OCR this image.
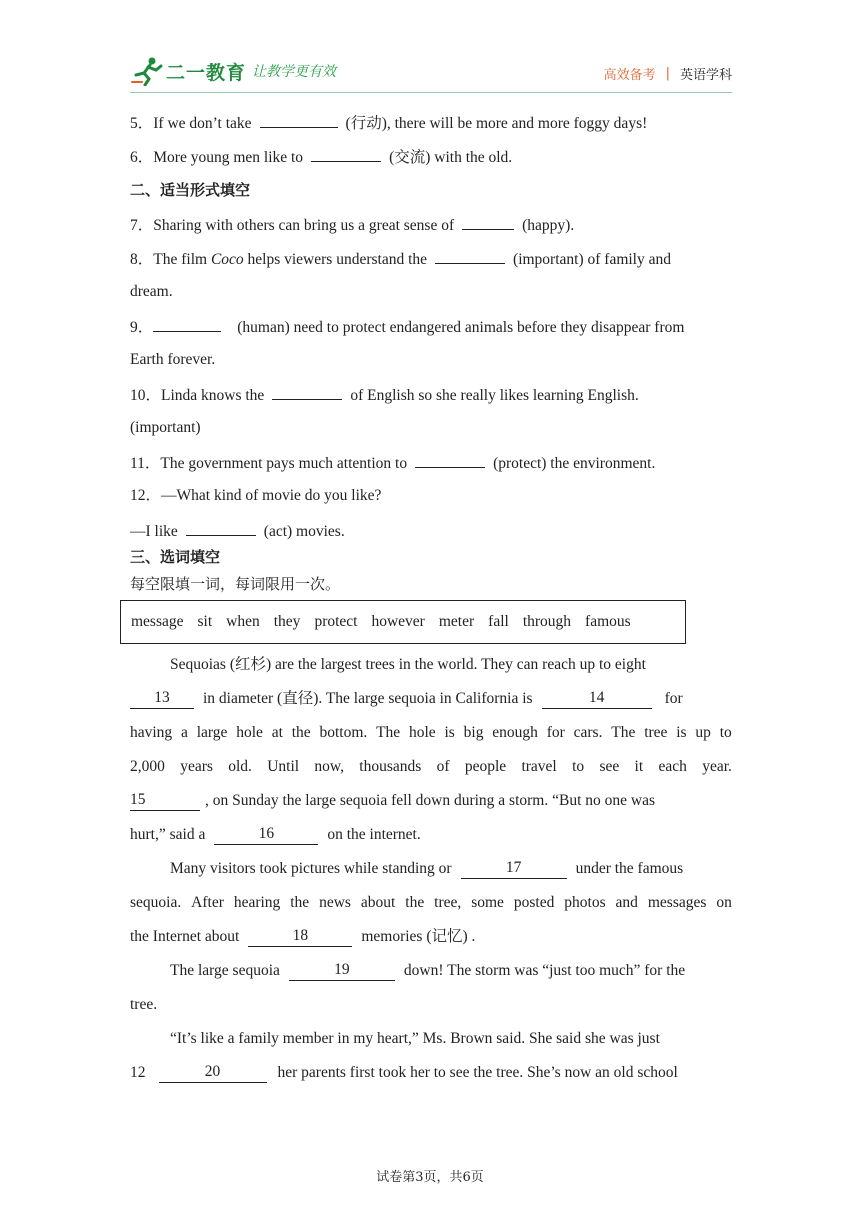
二一教育 让教学更有效	高效备考 | 英语学科
5．If we don’t take	(行动), there will be more and more foggy days!
6．More young men like to	(交流) with the old.
二、适当形式填空
7．Sharing with others can bring us a great sense of	(happy).
8．The film Coco helps viewers understand the	(important) of family and
dream.
9．	(human) need to protect endangered animals before they disappear from
Earth forever.
10．Linda knows the	of English so she really likes learning English.
(important)
11．The government pays much attention to	(protect) the environment.
12．—What kind of movie do you like?
—I like	(act) movies.
三、选词填空
每空限填一词，每词限用一次。
message sit when they protect however meter fall through famous
Sequoias (红杉) are the largest trees in the world. They can reach up to eight
13	in diameter (直径). The large sequoia in California is	14	for
having a large hole at the bottom. The hole is big enough for cars. The tree is up to
2,000 years old. Until now, thousands of people travel to see it each year.
15	, on Sunday the large sequoia fell down during a storm. “But no one was
hurt,” said a	16	on the internet.
Many visitors took pictures while standing or	17	under the famous
sequoia. After hearing the news about the tree, some posted photos and messages on
the Internet about	18	memories (记忆) .
The large sequoia	19	down! The storm was “just too much” for the
tree.
“It’s like a family member in my heart,” Ms. Brown said. She said she was just
12	20	her parents first took her to see the tree. She’s now an old school
试卷第3页，共6页
